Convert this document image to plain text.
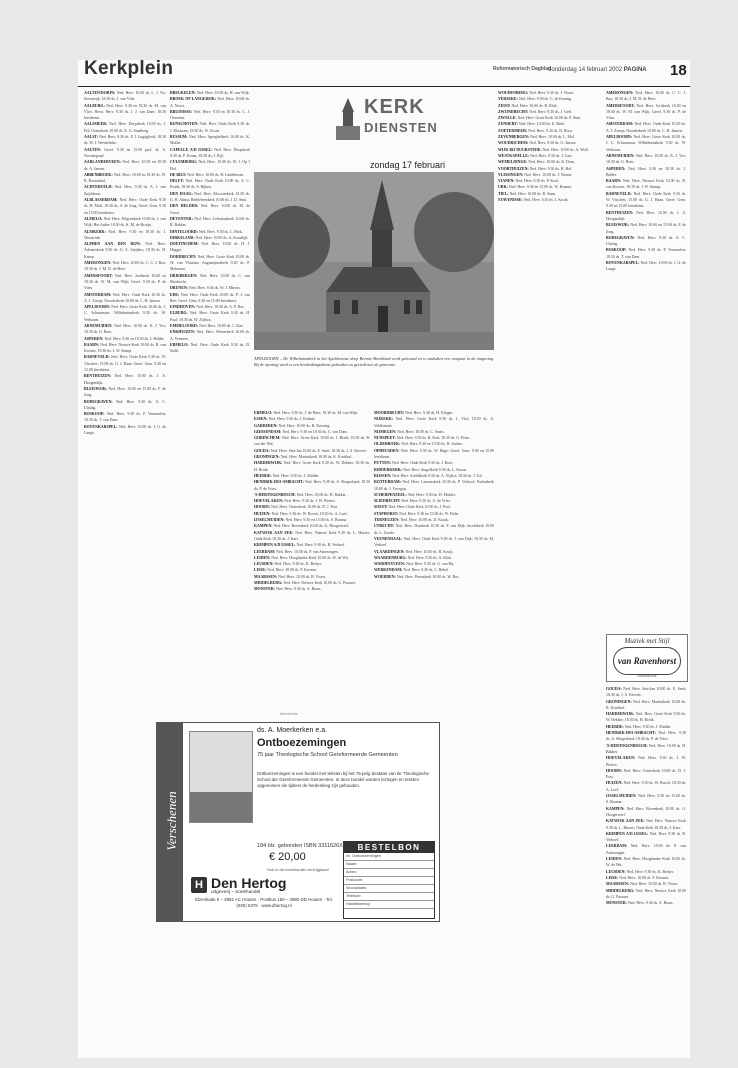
Kerkplein	Reformatorisch Dagblad
donderdag 14 februari 2002 PAGINA 18

AALTEN/DORPS: Ned. Herv. 10.00 ds. L. J. Vis, Steenwijk; 18.30 ds. J. van Vliet.

AALBURG: Ned. Herv. 9.30 en 18.30 ds. M. van Vliet. Herst. Herv. 9.30 ds. J. J. van Dam; 18.30 leesdienst.

AALSMEER: Ned. Herv. Dorpskerk 10.00 ds. J. Pel; Oosterkerk 10.00 ds. E. G. Staalberg.

AALST: Ned. Herv. 9.30 ds. P. J. Lugtigheid; 18.30 ds. W. J. Westerbeke.

AALTEN: Geref. 9.30 en 15.00 prof. dr. A. Noordegraaf.

AARLANDERVEEN: Ned. Herv. 10.00 en 18.30 ds. A. Jansen.

ABBENBROEK: Ned. Herv. 10.00 en 18.30 ds. W. B. Rozendaal.

ACHTERVELD: Ned. Herv. 9.30 ds. A. J. van Zuijlekom.

ALBLASSERDAM: Ned. Herv. Oude Kerk 9.30 ds. H. Moll; 18.30 ds. A. de Jong. Geref. Gem. 9.30 en 15.00 leesdienst.

ALMELO: Ned. Herv. Pelgrimkerk 10.00 ds. J. van Wijk; Het Anker 18.30 ds. K. M. de Bruijn.

ALMKERK: Ned. Herv. 9.30 en 18.30 ds. J. Westerink.

ALPHEN AAN DEN RIJN: Ned. Herv. Adventskerk 9.30 ds. G. A. Snijders; 18.30 ds. H. Kamp.

AMERONGEN: Ned. Herv. 10.00 ds. C. C. J. Bax; 18.30 ds. J. M. D. de Heer.

AMERSFOORT: Ned. Herv. Joriskerk 10.00 en 18.30 ds. W. M. van Wijk; Geref. 9.30 ds. P. de Vries.

AMSTERDAM: Ned. Herv. Oude Kerk 10.30 ds. A. J. Zwiep; Noorderkerk 10.00 ds. L. H. Jansen.

APELDOORN: Ned. Herv. Grote Kerk 10.00 ds. J. C. Schuurman; Wilhelminakerk 9.30 ds. W. Verboom.

ARNEMUIDEN: Ned. Herv. 10.00 ds. K. J. Vos; 18.30 ds. G. Boer.

ASPEREN: Ned. Herv. 9.30 en 18.30 ds. J. Belder.

BAARN: Ned. Herv. Nieuwe Kerk 10.00 ds. R. van Kooten; 18.30 ds. J. W. Stamp.

BARNEVELD: Ned. Herv. Oude Kerk 9.30 ds. W. Visscher; 15.00 ds. G. J. Baan. Geref. Gem. 9.30 en 15.00 leesdienst.

BENTHUIZEN: Ned. Herv. 10.00 ds. J. A. Hoogendijk.

BLEISWIJK: Ned. Herv. 10.00 en 15.00 ds. F. de Jong.

BODEGRAVEN: Ned. Herv. 9.30 ds. A. C. Uitslag.

BOSKOOP: Ned. Herv. 9.30 ds. P. Vermeulen; 18.30 ds. T. van Dam.

BOVENKARSPEL: Ned. Herv. 10.00 ds. J. G. de Lange.

BREUKELEN: Ned. Herv. 10.00 ds. H. van Wijk.

BROEK OP LANGEDIJK: Ned. Herv. 10.00 ds. A. Noort.

BRUINISSE: Ned. Herv. 9.30 en 18.30 ds. C. J. Overeem.

BUNSCHOTEN: Ned. Herv. Oude Kerk 9.30 ds. J. Klaassen; 18.30 ds. W. Zwart.

BUSSUM: Ned. Herv. Spieghelkerk 10.00 ds. K. Muller.

CAPELLE A/D IJSSEL: Ned. Herv. Dorpskerk 9.30 ds. P. Kraan; 18.30 ds. J. Bijl.

CULEMBORG: Ned. Herv. 10.00 ds. W. J. Op 't Hof.

DE BILT: Ned. Herv. 10.00 ds. H. Lindeboom.

DELFT: Ned. Herv. Oude Kerk 10.00 ds. E. C. Pronk; 18.30 ds. S. Rijken.

DEN HAAG: Ned. Herv. Kloosterkerk 10.30 ds. G. H. Abma; Bethlehemkerk 10.00 ds. J. D. Smit.

DEN HELDER: Ned. Herv. 10.00 ds. M. de Groot.

DEVENTER: Ned. Herv. Lebuinuskerk 10.00 ds. R. Bakker.

DINTELOORD: Ned. Herv. 9.30 ds. L. Blok.

DIRKSLAND: Ned. Herv. 10.00 ds. A. Kostelijk.

DOETINCHEM: Ned. Herv. 10.00 ds. H. J. Hegger.

DORDRECHT: Ned. Herv. Grote Kerk 10.00 ds. W. van Vlastuin; Augustijnenkerk 9.30 ds. P. Molenaar.

DRIEBERGEN: Ned. Herv. 10.00 ds. C. van Sliedrecht.

DRUNEN: Ned. Herv. 9.30 ds. W. J. Mieras.

EDE: Ned. Herv. Oude Kerk 10.00 ds. P. J. van Ree; Geref. Gem. 9.30 en 15.00 leesdienst.

EINDHOVEN: Ned. Herv. 10.00 ds. A. P. Bos.

ELBURG: Ned. Herv. Grote Kerk 9.30 ds. H. Paul; 18.30 ds. W. Zijlstra.

EMMELOORD: Ned. Herv. 10.00 ds. J. Glas.

ENKHUIZEN: Ned. Herv. Westerkerk 10.00 ds. A. Vermeer.

ERMELO: Ned. Herv. Oude Kerk 9.30 ds. D. Stolk.

ERMELO: Ned. Herv. 9.30 ds. J. de Heer; 18.30 ds. M. van Wijk.

ESSEN: Ned. Herv. 9.30 ds. J. Kaland.

GARDEREN: Ned. Herv. 10.00 ds. H. Korving.

GIESSENDAM: Ned. Herv. 9.30 en 18.30 ds. C. van Dam.

GORINCHEM: Ned. Herv. Grote Kerk 10.00 ds. J. Hoek; 18.30 ds. B. van der Wal.

GOUDA: Ned. Herv. Sint-Jan 10.00 ds. E. Smit; 18.30 ds. J. A. Kieviet.

GRONINGEN: Ned. Herv. Martinikerk 10.00 ds. K. Kruithof.

HARDERWIJK: Ned. Herv. Grote Kerk 9.30 ds. W. Dekker; 18.30 ds. H. Brink.

HEERDE: Ned. Herv. 9.30 ds. J. Mulder.

HENDRIK-IDO-AMBACHT: Ned. Herv. 9.30 ds. A. Slingerland; 18.30 ds. P. de Vries.

'S-HERTOGENBOSCH: Ned. Herv. 10.00 ds. H. Bakker.

HOEVELAKEN: Ned. Herv. 9.30 ds. J. W. Pieters.

HOORN: Ned. Herv. Oosterkerk 10.00 ds. D. J. Post.

HUIZEN: Ned. Herv. 9.30 ds. W. Bosch; 18.30 ds. A. Loef.

IJSSELMUIDEN: Ned. Herv. 9.30 en 15.00 ds. S. Bouma.

KAMPEN: Ned. Herv. Bovenkerk 10.00 ds. G. Hoogerwerf.

KATWIJK AAN ZEE: Ned. Herv. Nieuwe Kerk 9.30 ds. L. Huizer; Oude Kerk 18.30 ds. J. Kars.

KRIMPEN A/D IJSSEL: Ned. Herv. 9.30 ds. R. Verhoef.

LEERDAM: Ned. Herv. 10.00 ds. P. van Amerongen.

LEIDEN: Ned. Herv. Hooglandse Kerk 10.00 ds. W. de Wit.

LEUSDEN: Ned. Herv. 9.30 ds. K. Breijer.

LISSE: Ned. Herv. 10.00 ds. F. Kersten.

MAARSSEN: Ned. Herv. 10.00 ds. B. Visser.

MIDDELBURG: Ned. Herv. Nieuwe Kerk 10.00 ds. G. Paauwe.

MONSTER: Ned. Herv. 9.30 ds. A. Baars.

MOORDRECHT: Ned. Herv. 9.30 ds. H. Kleppe.

NIJKERK: Ned. Herv. Grote Kerk 9.30 ds. J. Vlot; 18.30 ds. A. Veldhuizen.

NIJMEGEN: Ned. Herv. 10.00 ds. C. Smits.

NUNSPEET: Ned. Herv. 9.30 ds. R. Kok; 18.30 ds. G. Prins.

OLDEBROEK: Ned. Herv. 9.30 en 15.00 ds. H. Jonker.

OPHEUSDEN: Ned. Herv. 9.30 ds. W. Hage; Geref. Gem. 9.30 en 15.00 leesdienst.

PUTTEN: Ned. Herv. Oude Kerk 9.30 ds. J. Boot.

RIDDERKERK: Ned. Herv. Singelkerk 9.30 ds. L. Kroon.

RIJSSEN: Ned. Herv. Schildkerk 9.30 ds. A. Nijhof; 18.30 ds. J. Tol.

ROTTERDAM: Ned. Herv. Laurenskerk 10.30 ds. P. Verhoef; Pauluskerk 10.00 ds. J. Vroegop.

SCHERPENZEEL: Ned. Herv. 9.30 ds. H. Mulder.

SLIEDRECHT: Ned. Herv. 9.30 ds. A. de Vries.

SOEST: Ned. Herv. Oude Kerk 10.00 ds. J. Pool.

STAPHORST: Ned. Herv. 9.30 en 15.00 ds. W. Hulst.

TERNEUZEN: Ned. Herv. 10.00 ds. D. Kraak.

UTRECHT: Ned. Herv. Domkerk 10.30 ds. F. van Dijk; Jacobikerk 10.00 ds. L. Goede.

VEENENDAAL: Ned. Herv. Oude Kerk 9.30 ds. J. van Dijk; 18.30 ds. M. Verhoef.

VLAARDINGEN: Ned. Herv. 10.00 ds. B. Kruijt.

WAARDENBURG: Ned. Herv. 9.30 ds. A. Klok.

WADDINXVEEN: Ned. Herv. 9.30 ds. G. van Rij.

WERKENDAM: Ned. Herv. 9.30 ds. C. Rebel.

WOERDEN: Ned. Herv. Petruskerk 10.00 ds. W. Bos.

WOUDENBERG: Ned. Herv. 9.30 ds. J. Visser.

YERSEKE: Ned. Herv. 9.30 ds. C. de Koning.

ZEIST: Ned. Herv. 10.00 ds. R. Blok.

ZWIJNDRECHT: Ned. Herv. 9.30 ds. J. Geel.

ZWOLLE: Ned. Herv. Grote Kerk 10.00 ds. P. Smit.

ZUNDERT: Ned. Herv. 10.00 ds. E. Beek.

ZOETERMEER: Ned. Herv. 9.30 ds. H. Roos.

ZEVENBERGEN: Ned. Herv. 10.00 ds. L. Mol.

WOUDRICHEM: Ned. Herv. 9.30 ds. G. Jansen.

WIJK BIJ DUURSTEDE: Ned. Herv. 10.00 ds. A. Wolf.

WESTKAPELLE: Ned. Herv. 9.30 ds. J. Cats.

WEMELDINGE: Ned. Herv. 10.00 ds. K. Dam.

VOORTHUIZEN: Ned. Herv. 9.30 ds. H. Hol.

VLISSINGEN: Ned. Herv. 10.00 ds. T. Brand.

VIANEN: Ned. Herv. 9.30 ds. P. Kool.

URK: Ned. Herv. 9.30 en 15.00 ds. W. Kramer.

TIEL: Ned. Herv. 10.00 ds. B. Stam.

STAVENISSE: Ned. Herv. 9.30 ds. J. Kwak.

AMERONGEN: Ned. Herv. 10.00 ds. C. C. J. Bax; 18.30 ds. J. M. D. de Heer.

AMERSFOORT: Ned. Herv. Joriskerk 10.00 en 18.30 ds. W. M. van Wijk; Geref. 9.30 ds. P. de Vries.

AMSTERDAM: Ned. Herv. Oude Kerk 10.30 ds. A. J. Zwiep; Noorderkerk 10.00 ds. L. H. Jansen.

APELDOORN: Ned. Herv. Grote Kerk 10.00 ds. J. C. Schuurman; Wilhelminakerk 9.30 ds. W. Verboom.

ARNEMUIDEN: Ned. Herv. 10.00 ds. K. J. Vos; 18.30 ds. G. Boer.

ASPEREN: Ned. Herv. 9.30 en 18.30 ds. J. Belder.

BAARN: Ned. Herv. Nieuwe Kerk 10.00 ds. R. van Kooten; 18.30 ds. J. W. Stamp.

BARNEVELD: Ned. Herv. Oude Kerk 9.30 ds. W. Visscher; 15.00 ds. G. J. Baan. Geref. Gem. 9.30 en 15.00 leesdienst.

BENTHUIZEN: Ned. Herv. 10.00 ds. J. A. Hoogendijk.

BLEISWIJK: Ned. Herv. 10.00 en 15.00 ds. F. de Jong.

BODEGRAVEN: Ned. Herv. 9.30 ds. A. C. Uitslag.

BOSKOOP: Ned. Herv. 9.30 ds. P. Vermeulen; 18.30 ds. T. van Dam.

BOVENKARSPEL: Ned. Herv. 10.00 ds. J. G. de Lange.

GOUDA: Ned. Herv. Sint-Jan 10.00 ds. E. Smit; 18.30 ds. J. A. Kieviet.

GRONINGEN: Ned. Herv. Martinikerk 10.00 ds. K. Kruithof.

HARDERWIJK: Ned. Herv. Grote Kerk 9.30 ds. W. Dekker; 18.30 ds. H. Brink.

HEERDE: Ned. Herv. 9.30 ds. J. Mulder.

HENDRIK-IDO-AMBACHT: Ned. Herv. 9.30 ds. A. Slingerland; 18.30 ds. P. de Vries.

'S-HERTOGENBOSCH: Ned. Herv. 10.00 ds. H. Bakker.

HOEVELAKEN: Ned. Herv. 9.30 ds. J. W. Pieters.

HOORN: Ned. Herv. Oosterkerk 10.00 ds. D. J. Post.

HUIZEN: Ned. Herv. 9.30 ds. W. Bosch; 18.30 ds. A. Loef.

IJSSELMUIDEN: Ned. Herv. 9.30 en 15.00 ds. S. Bouma.

KAMPEN: Ned. Herv. Bovenkerk 10.00 ds. G. Hoogerwerf.

KATWIJK AAN ZEE: Ned. Herv. Nieuwe Kerk 9.30 ds. L. Huizer; Oude Kerk 18.30 ds. J. Kars.

KRIMPEN A/D IJSSEL: Ned. Herv. 9.30 ds. R. Verhoef.

LEERDAM: Ned. Herv. 10.00 ds. P. van Amerongen.

LEIDEN: Ned. Herv. Hooglandse Kerk 10.00 ds. W. de Wit.

LEUSDEN: Ned. Herv. 9.30 ds. K. Breijer.

LISSE: Ned. Herv. 10.00 ds. F. Kersten.

MAARSSEN: Ned. Herv. 10.00 ds. B. Visser.

MIDDELBURG: Ned. Herv. Nieuwe Kerk 10.00 ds. G. Paauwe.

MONSTER: Ned. Herv. 9.30 ds. A. Baars.

KERK
DIENSTEN
zondag 17 februari
APELDOORN – De Wilhelminakerk in het Apeldoornse dorp Beemte-Broekland werd gebouwd en is sindsdien een rustpunt in de omgeving. Bij de opening werd er een herdenkingsdienst gehouden en gevierd met de gemeente.
Muziek met Stijl
van Ravenhorst
Muziekhuis
Advertentie
Verschenen
ds. A. Moerkerken e.a.
Ontboezemingen
75 jaar Theologische School Gereformeerde Gemeenten
Ontboezemingen is een bundel met teksten bij het 75-jarig bestaan van de Theologische School der Gereformeerde Gemeenten. In deze bundel worden lezingen en teksten opgenomen die tijdens de herdenking zijn gehouden.
184 blz. gebonden ISBN 3311626X
€ 20,00
Ook in de boekhandel verkrijgbaar!
BESTELBON
ex. Ontboezemingen
Naam:
Adres:
Postcode:
Woonplaats:
Telefoon:
Handtekening:
H Den Hertog
uitgeverij – boekhandel
Elzenkade 6 – 3992 AC Houten · Postbus 150 – 3990 DD Houten · Tel. (030) 6376 · www.dhertog.nl
